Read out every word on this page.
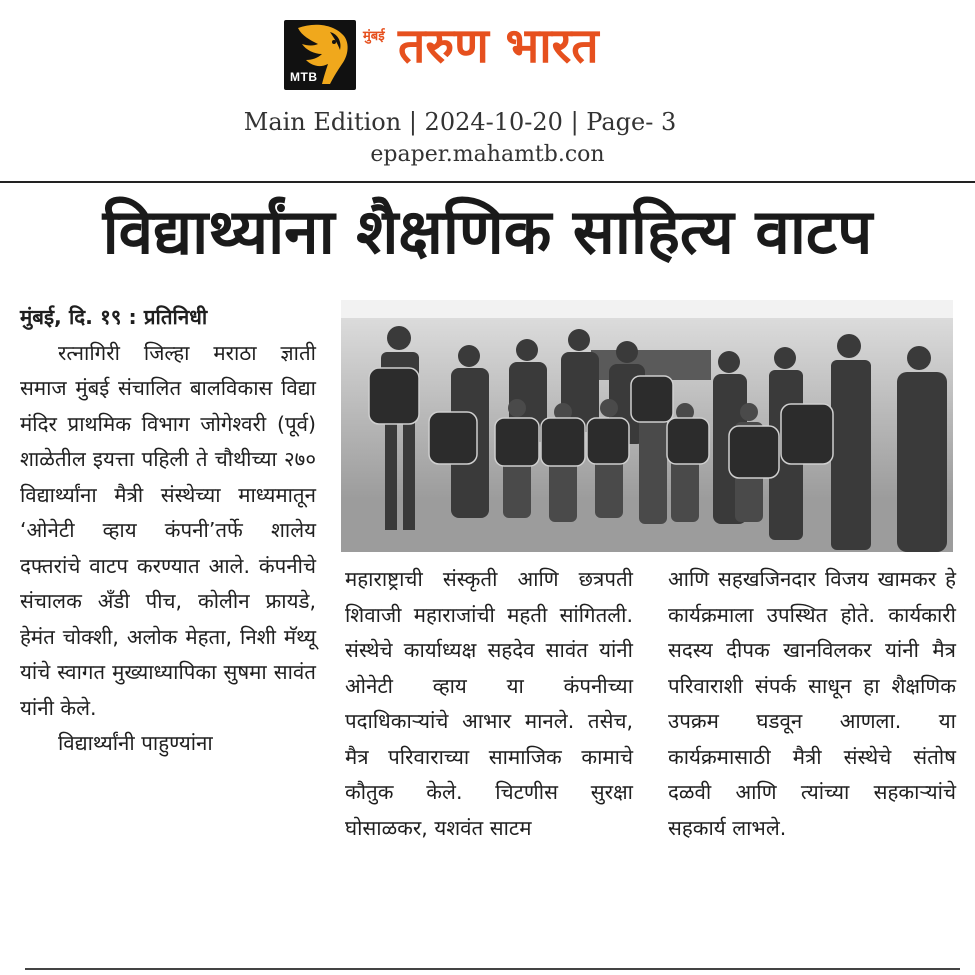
MTB
मुंबई तरुण भारत
Main Edition | 2024-10-20 | Page- 3
epaper.mahamtb.con
विद्यार्थ्यांना शैक्षणिक साहित्य वाटप
मुंबई, दि. १९ : प्रतिनिधी

रत्नागिरी जिल्हा मराठा ज्ञाती समाज मुंबई संचालित बालविकास विद्या मंदिर प्राथमिक विभाग जोगेश्वरी (पूर्व) शाळेतील इयत्ता पहिली ते चौथीच्या २७० विद्यार्थ्यांना मैत्री संस्थेच्या माध्यमातून ‘ओनेटी व्हाय कंपनी’तर्फे शालेय दफ्तरांचे वाटप करण्यात आले. कंपनीचे संचालक अँडी पीच, कोलीन फ्रायडे, हेमंत चोक्शी, अलोक मेहता, निशी मॅथ्यू यांचे स्वागत मुख्याध्यापिका सुषमा सावंत यांनी केले.

विद्यार्थ्यांनी पाहुण्यांना

महाराष्ट्राची संस्कृती आणि छत्रपती शिवाजी महाराजांची महती सांगितली. संस्थेचे कार्याध्यक्ष सहदेव सावंत यांनी ओनेटी व्हाय या कंपनीच्या पदाधिकाऱ्यांचे आभार मानले. तसेच, मैत्र परिवाराच्या सामाजिक कामाचे कौतुक केले. चिटणीस सुरक्षा घोसाळकर, यशवंत साटम
आणि सहखजिनदार विजय खामकर हे कार्यक्रमाला उपस्थित होते. कार्यकारी सदस्य दीपक खानविलकर यांनी मैत्र परिवाराशी संपर्क साधून हा शैक्षणिक उपक्रम घडवून आणला. या कार्यक्रमासाठी मैत्री संस्थेचे संतोष दळवी आणि त्यांच्या सहकाऱ्यांचे सहकार्य लाभले.
